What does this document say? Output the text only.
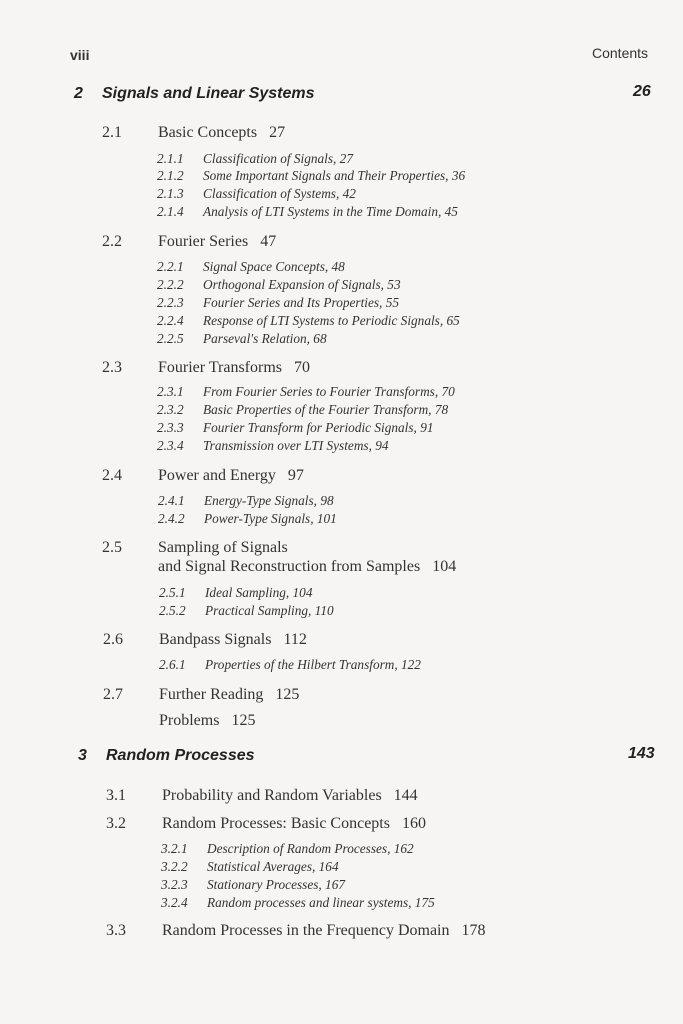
viii	Contents
2 Signals and Linear Systems	26
2.1 Basic Concepts 27
2.1.1 Classification of Signals, 27
2.1.2 Some Important Signals and Their Properties, 36
2.1.3 Classification of Systems, 42
2.1.4 Analysis of LTI Systems in the Time Domain, 45
2.2 Fourier Series 47
2.2.1 Signal Space Concepts, 48
2.2.2 Orthogonal Expansion of Signals, 53
2.2.3 Fourier Series and Its Properties, 55
2.2.4 Response of LTI Systems to Periodic Signals, 65
2.2.5 Parseval's Relation, 68
2.3 Fourier Transforms 70
2.3.1 From Fourier Series to Fourier Transforms, 70
2.3.2 Basic Properties of the Fourier Transform, 78
2.3.3 Fourier Transform for Periodic Signals, 91
2.3.4 Transmission over LTI Systems, 94
2.4 Power and Energy 97
2.4.1 Energy-Type Signals, 98
2.4.2 Power-Type Signals, 101
2.5 Sampling of Signals
and Signal Reconstruction from Samples 104
2.5.1 Ideal Sampling, 104
2.5.2 Practical Sampling, 110
2.6 Bandpass Signals 112
2.6.1 Properties of the Hilbert Transform, 122
2.7 Further Reading 125
Problems 125
3 Random Processes	143
3.1 Probability and Random Variables 144
3.2 Random Processes: Basic Concepts 160
3.2.1 Description of Random Processes, 162
3.2.2 Statistical Averages, 164
3.2.3 Stationary Processes, 167
3.2.4 Random processes and linear systems, 175
3.3 Random Processes in the Frequency Domain 178
